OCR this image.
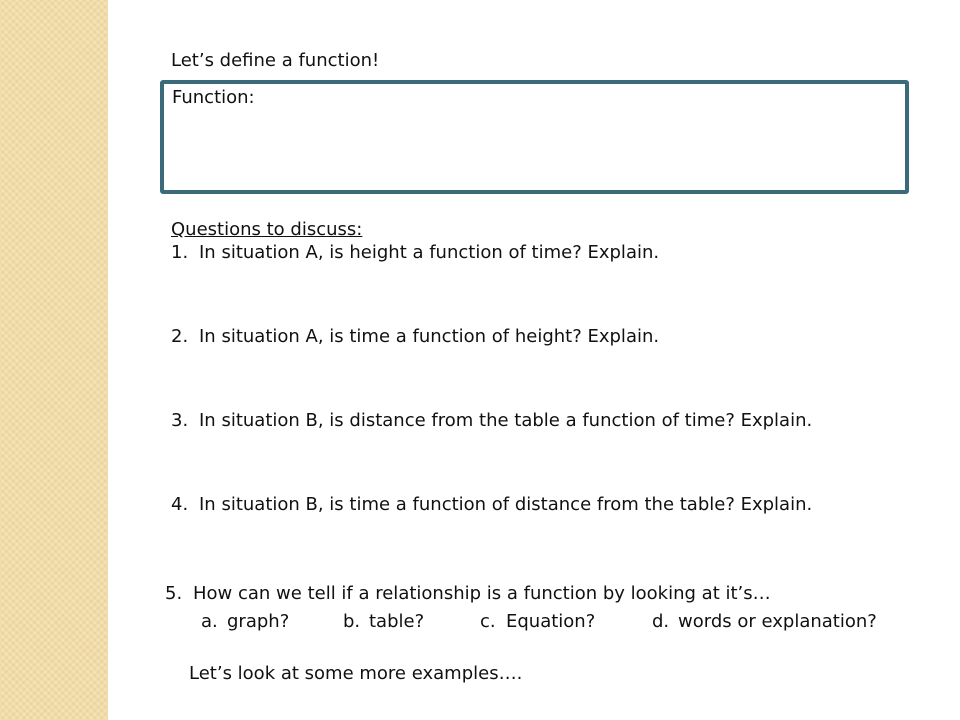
Let’s define a function!
Function:
Questions to discuss:
1. In situation A, is height a function of time? Explain.
2. In situation A, is time a function of height? Explain.
3. In situation B, is distance from the table a function of time? Explain.
4. In situation B, is time a function of distance from the table? Explain.
5. How can we tell if a relationship is a function by looking at it’s…
a. graph?	b. table?	c. Equation?	d. words or explanation?
Let’s look at some more examples….
